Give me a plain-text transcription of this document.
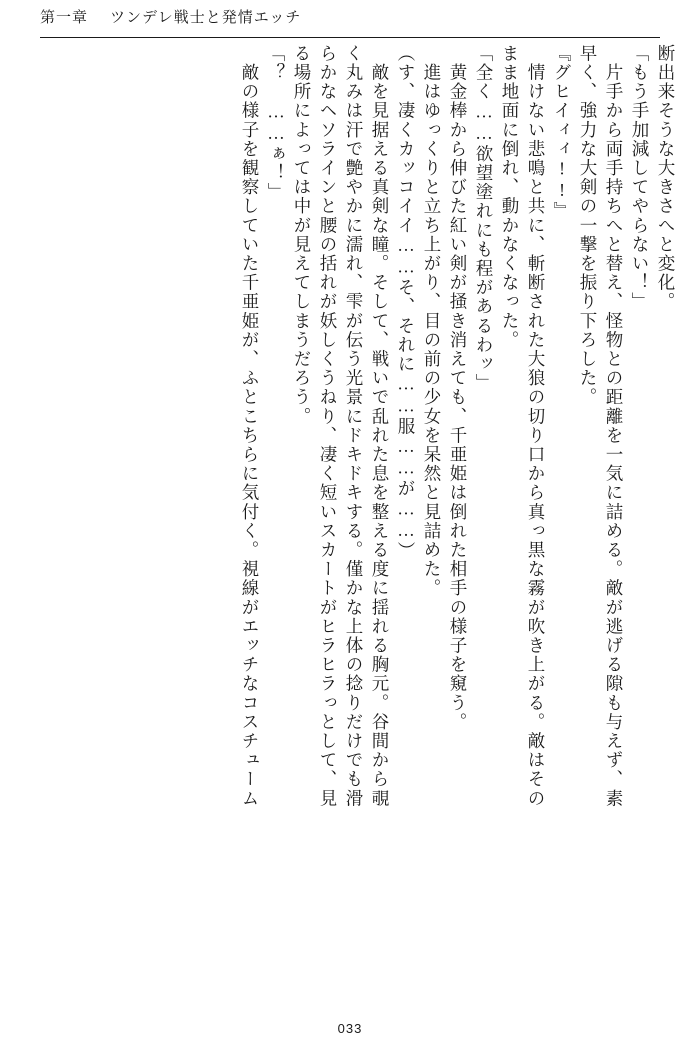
第一章 ツンデレ戦士と発情エッチ
断出来そうな大きさへと変化。
「もう手加減してやらない！」
　片手から両手持ちへと替え、怪物との距離を一気に詰める。敵が逃げる隙も与えず、素
早く、強力な大剣の一撃を振り下ろした。
『グヒイィィ!!』
　情けない悲鳴と共に、斬断された大狼の切り口から真っ黒な霧が吹き上がる。敵はその
まま地面に倒れ、動かなくなった。
「全く……欲望塗れにも程があるわッ」
　黄金棒から伸びた紅い剣が掻き消えても、千亜姫は倒れた相手の様子を窺う。
　進はゆっくりと立ち上がり、目の前の少女を呆然と見詰めた。
（す、凄くカッコイイ……そ、それに……服……が……）
　敵を見据える真剣な瞳。そして、戦いで乱れた息を整える度に揺れる胸元。谷間から覗
く丸みは汗で艶やかに濡れ、雫が伝う光景にドキドキする。僅かな上体の捻りだけでも滑
らかなヘソラインと腰の括れが妖しくうねり、凄く短いスカートがヒラヒラっとして、見
る場所によっては中が見えてしまうだろう。
「？　……ぁ！」
　敵の様子を観察していた千亜姫が、ふとこちらに気付く。視線がエッチなコスチューム
033
